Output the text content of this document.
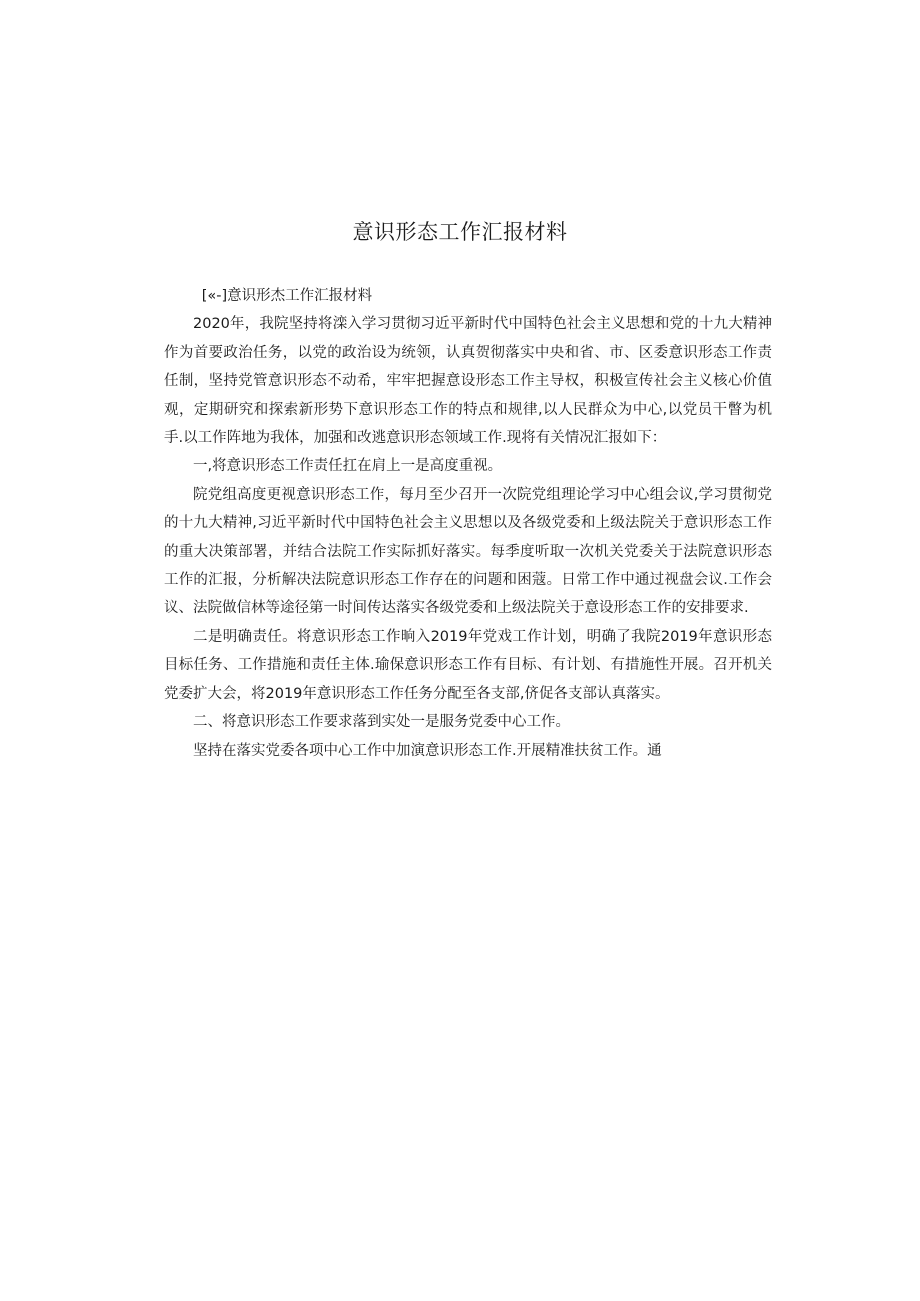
意识形态工作汇报材料

[«-]意识形杰工作汇报材料

2020年，我院坚持将滦入学习贯彻习近平新时代中国特色社会主义思想和党的十九大精神作为首要政治任务，以党的政治设为统领，认真贺彻落实中央和省、市、区委意识形态工作责任制，坚持党管意识形态不动希，牢牢把握意设形态工作主导权，积极宣传社会主义核心价值观，定期研究和探索新形势下意识形态工作的特点和规律,以人民群众为中心,以党员干瞥为机手.以工作阵地为我体，加强和改逃意识形态领域工作.现将有关情况汇报如下：

一,将意识形态工作责任扛在肩上一是高度重视。

院党组高度更视意识形态工作，每月至少召开一次院党组理论学习中心组会议,学习贯彻党的十九大精神,习近平新时代中国特色社会主义思想以及各级党委和上级法院关于意识形态工作的重大决策部署，并结合法院工作实际抓好落实。每季度听取一次机关党委关于法院意识形态工作的汇报，分析解决法院意识形态工作存在的问题和困蔻。日常工作中通过视盘会议.工作会议、法院做信林等途径第一时间传达落实各级党委和上级法院关于意设形态工作的安排要求.

二是明确责任。将意识形态工作晌入2019年党戏工作计划，明确了我院2019年意识形态目标任务、工作措施和责任主体.瑜保意识形态工作有目标、有计划、有措施性开展。召开机关党委扩大会，将2019年意识形态工作任务分配至各支部,侪促各支部认真落实。

二、将意识形态工作要求落到实处一是服务党委中心工作。

坚持在落实党委各项中心工作中加演意识形态工作.开展精准扶贫工作。通
